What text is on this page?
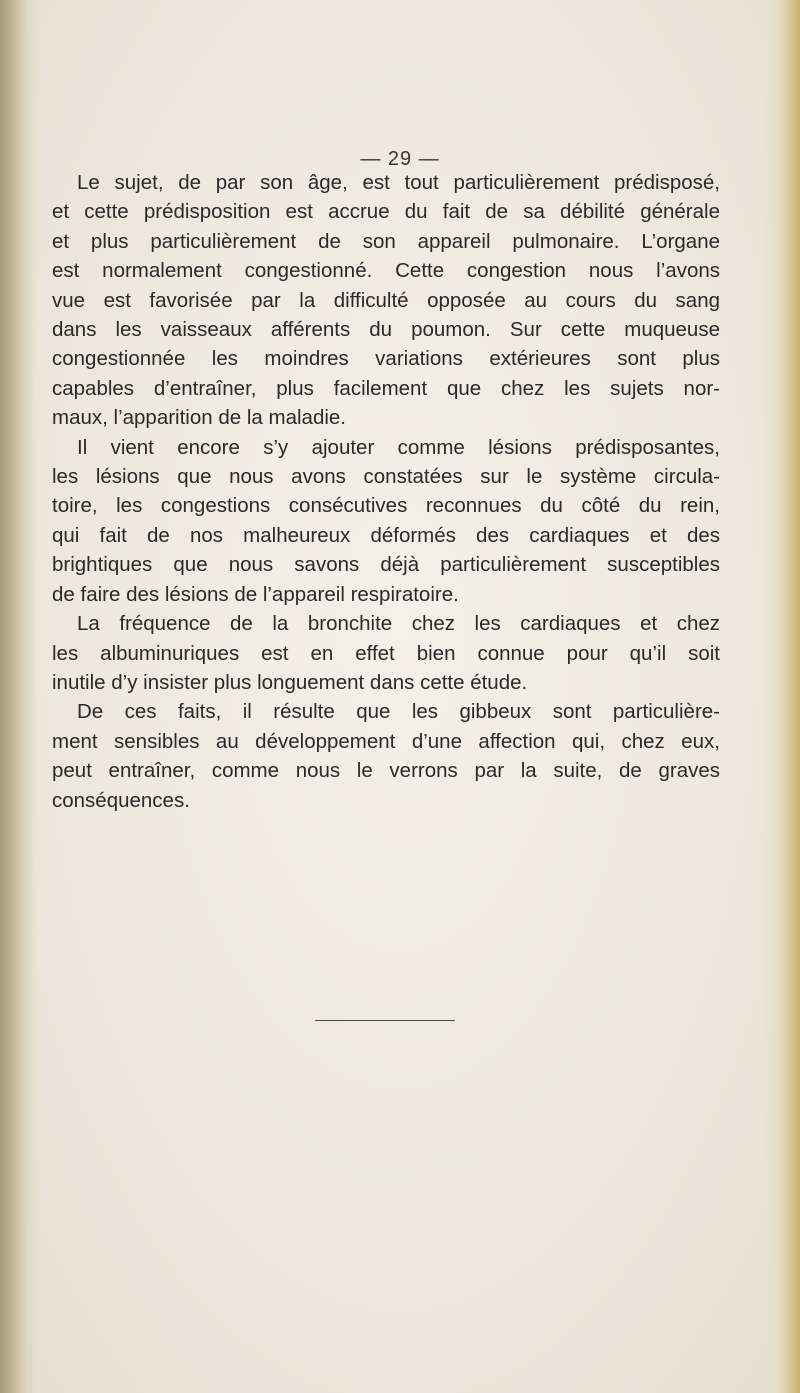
— 29 —
Le sujet, de par son âge, est tout particulièrement prédisposé,
et cette prédisposition est accrue du fait de sa débilité générale
et plus particulièrement de son appareil pulmonaire. L’organe
est normalement congestionné. Cette congestion nous l’avons
vue est favorisée par la difficulté opposée au cours du sang
dans les vaisseaux afférents du poumon. Sur cette muqueuse
congestionnée les moindres variations extérieures sont plus
capables d’entraîner, plus facilement que chez les sujets nor-
maux, l’apparition de la maladie.
Il vient encore s’y ajouter comme lésions prédisposantes,
les lésions que nous avons constatées sur le système circula-
toire, les congestions consécutives reconnues du côté du rein,
qui fait de nos malheureux déformés des cardiaques et des
brightiques que nous savons déjà particulièrement susceptibles
de faire des lésions de l’appareil respiratoire.
La fréquence de la bronchite chez les cardiaques et chez
les albuminuriques est en effet bien connue pour qu’il soit
inutile d’y insister plus longuement dans cette étude.
De ces faits, il résulte que les gibbeux sont particulière-
ment sensibles au développement d’une affection qui, chez eux,
peut entraîner, comme nous le verrons par la suite, de graves
conséquences.
